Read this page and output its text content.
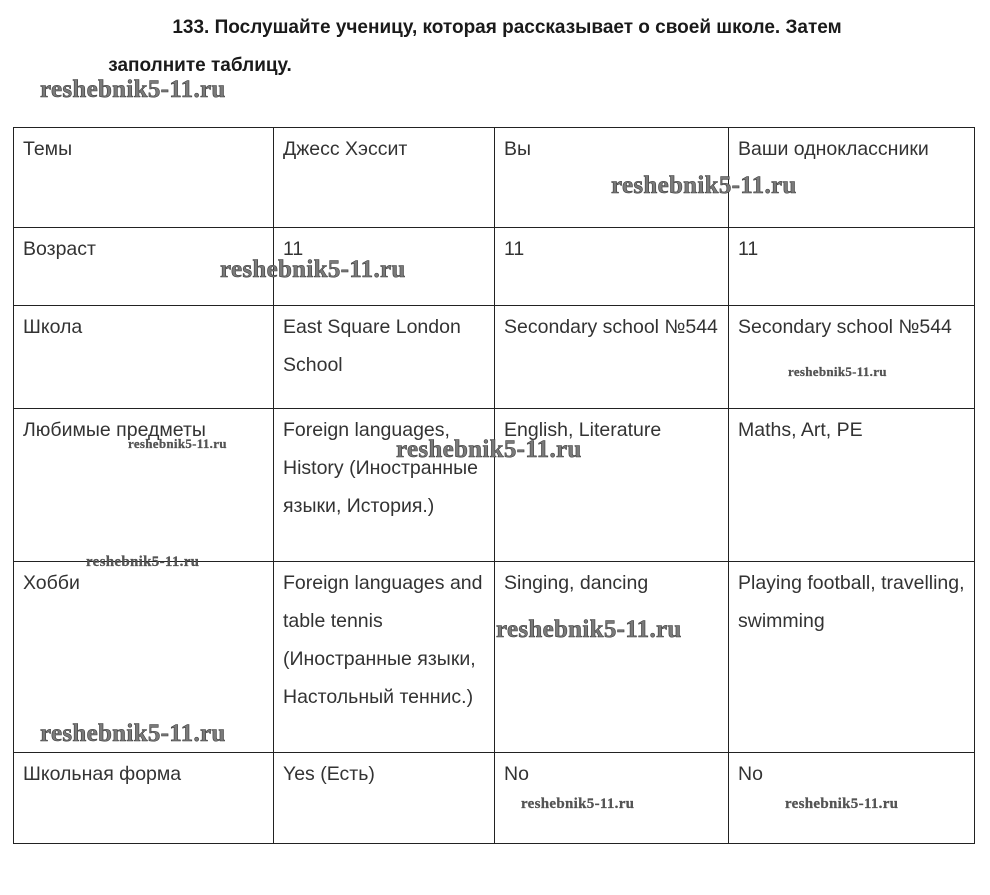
133. Послушайте ученицу, которая рассказывает о своей школе. Затем
заполните таблицу.
Темы	Джесс Хэссит	Вы	Ваши одноклассники
Возраст	11	11	11
Школа	East Square London School	Secondary school №544	Secondary school №544
Любимые предметы	Foreign languages, History (Иностранные языки, История.)	English, Literature	Maths, Art, PE
Хобби	Foreign languages and table tennis (Иностранные языки, Настольный теннис.)	Singing, dancing	Playing football, travelling, swimming
Школьная форма	Yes (Есть)	No	No
reshebnik5-11.ru
reshebnik5-11.ru
reshebnik5-11.ru
reshebnik5-11.ru
reshebnik5-11.ru	reshebnik5-11.ru
reshebnik5-11.ru
reshebnik5-11.ru
reshebnik5-11.ru
reshebnik5-11.ru	reshebnik5-11.ru
